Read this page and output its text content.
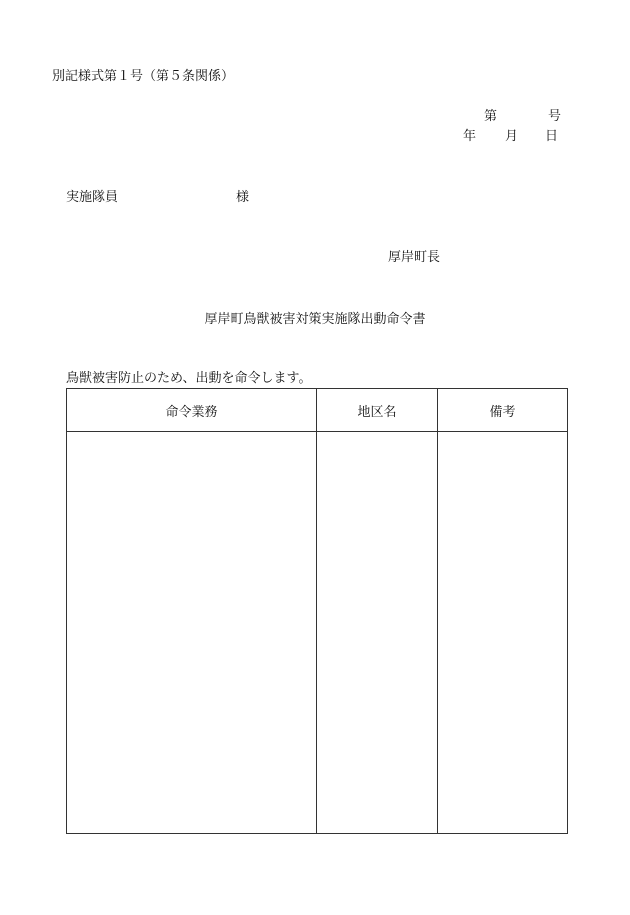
別記様式第１号（第５条関係）
第	号
年 月 日
実施隊員	様
厚岸町長
厚岸町鳥獣被害対策実施隊出動命令書
鳥獣被害防止のため、出動を命令します。
命令業務	地区名	備考
